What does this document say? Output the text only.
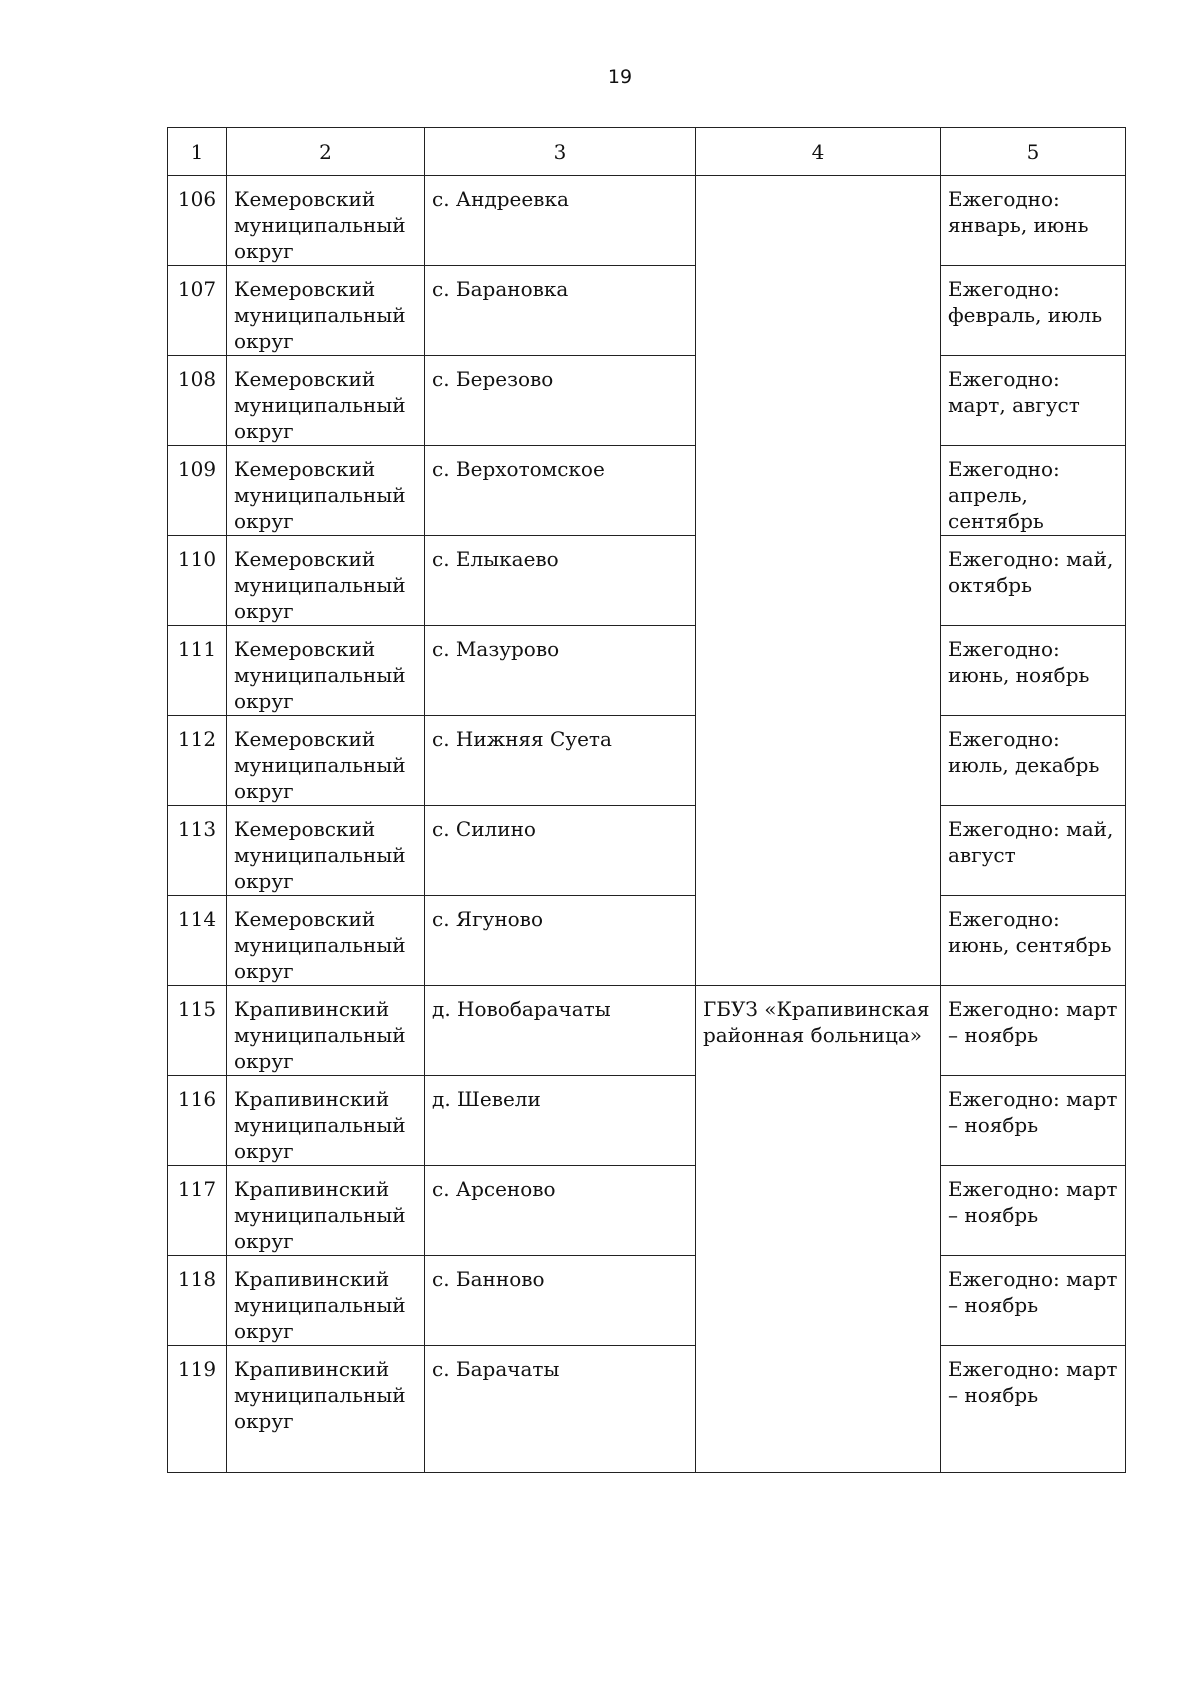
19
1	2	3	4	5

106	Кемеровский муниципальный округ	с. Андреевка		Ежегодно: январь, июнь

107	Кемеровский муниципальный округ	с. Барановка		Ежегодно: февраль, июль

108	Кемеровский муниципальный округ	с. Березово		Ежегодно: март, август

109	Кемеровский муниципальный округ	с. Верхотомское		Ежегодно: апрель, сентябрь

110	Кемеровский муниципальный округ	с. Елыкаево		Ежегодно: май, октябрь

111	Кемеровский муниципальный округ	с. Мазурово		Ежегодно: июнь, ноябрь

112	Кемеровский муниципальный округ	с. Нижняя Суета		Ежегодно: июль, декабрь

113	Кемеровский муниципальный округ	с. Силино		Ежегодно: май, август

114	Кемеровский муниципальный округ	с. Ягуново		Ежегодно: июнь, сентябрь

115	Крапивинский муниципальный округ	д. Новобарачаты	ГБУЗ «Крапивинская районная больница»	Ежегодно: март – ноябрь

116	Крапивинский муниципальный округ	д. Шевели		Ежегодно: март – ноябрь

117	Крапивинский муниципальный округ	с. Арсеново		Ежегодно: март – ноябрь

118	Крапивинский муниципальный округ	с. Банново		Ежегодно: март – ноябрь

119	Крапивинский муниципальный округ	с. Барачаты		Ежегодно: март – ноябрь
